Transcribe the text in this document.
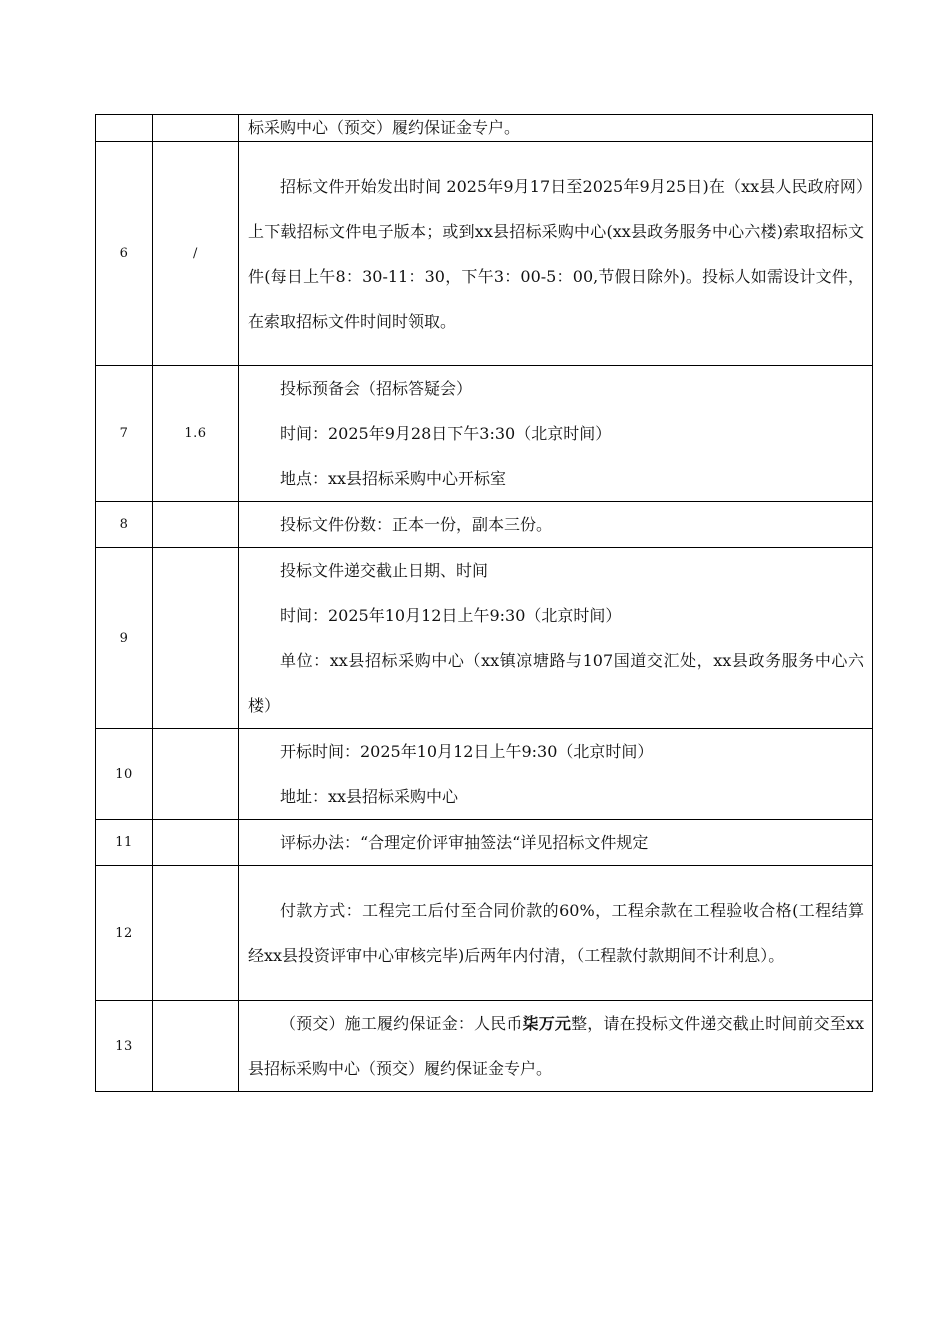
		标采购中心（预交）履约保证金专户。

6	/	招标文件开始发出时间 2025年9月17日至2025年9月25日)在（xx县人民政府网）上下载招标文件电子版本；或到xx县招标采购中心(xx县政务服务中心六楼)索取招标文件(每日上午8：30-11：30，下午3：00-5：00,节假日除外)。投标人如需设计文件，在索取招标文件时间时领取。

7	1.6	投标预备会（招标答疑会）
时间：2025年9月28日下午3:30（北京时间）
地点：xx县招标采购中心开标室

8		投标文件份数：正本一份，副本三份。

9		投标文件递交截止日期、时间
时间：2025年10月12日上午9:30（北京时间）
单位：xx县招标采购中心（xx镇凉塘路与107国道交汇处，xx县政务服务中心六楼）

10		开标时间：2025年10月12日上午9:30（北京时间）
地址：xx县招标采购中心

11		评标办法：“合理定价评审抽签法“详见招标文件规定

12		付款方式：工程完工后付至合同价款的60%，工程余款在工程验收合格(工程结算经xx县投资评审中心审核完毕)后两年内付清，（工程款付款期间不计利息）。

13		（预交）施工履约保证金：人民币柒万元整，请在投标文件递交截止时间前交至xx县招标采购中心（预交）履约保证金专户。
